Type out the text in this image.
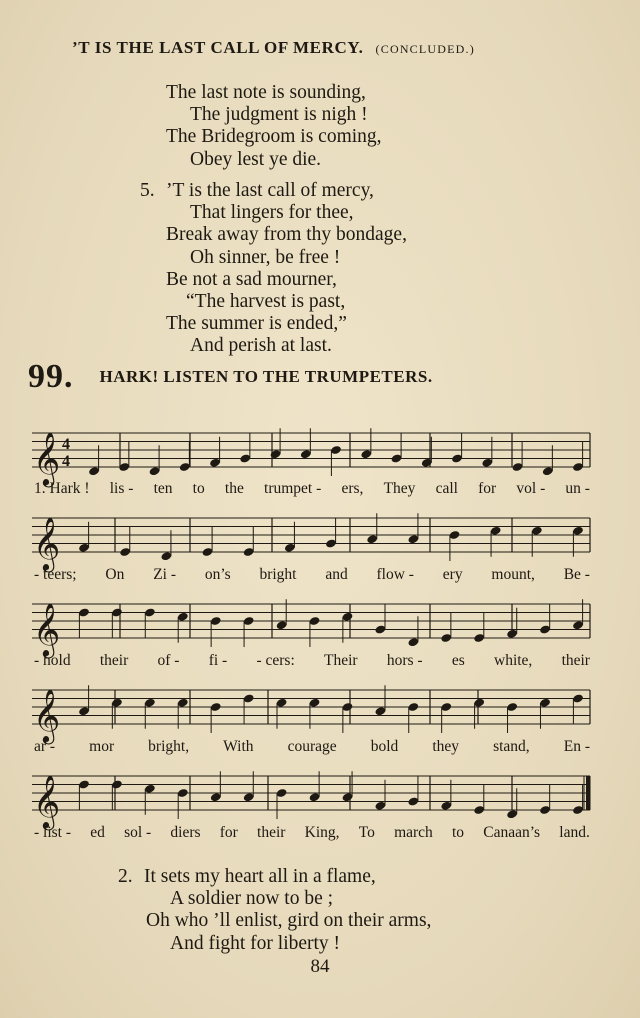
’T IS THE LAST CALL OF MERCY. (CONCLUDED.)
The last note is sounding,
The judgment is nigh !
The Bridegroom is coming,
Obey lest ye die.
5. ’T is the last call of mercy,
That lingers for thee,
Break away from thy bondage,
Oh sinner, be free !
Be not a sad mourner,
“The harvest is past,
The summer is ended,”
And perish at last.
99. HARK! LISTEN TO THE TRUMPETERS.
𝄞 4
4
𝄞
𝄞
𝄞
𝄞
1. Hark ! lis - ten to the trumpet - ers, They call for vol - un -
- teers; On Zi - on’s bright and flow - ery mount, Be -
- hold their of - fi - - cers: Their hors - es white, their
ar - mor bright, With courage bold they stand, En -
- list - ed sol - diers for their King, To march to Canaan’s land.
2. It sets my heart all in a flame,
A soldier now to be ;
Oh who ’ll enlist, gird on their arms,
And fight for liberty !
84
